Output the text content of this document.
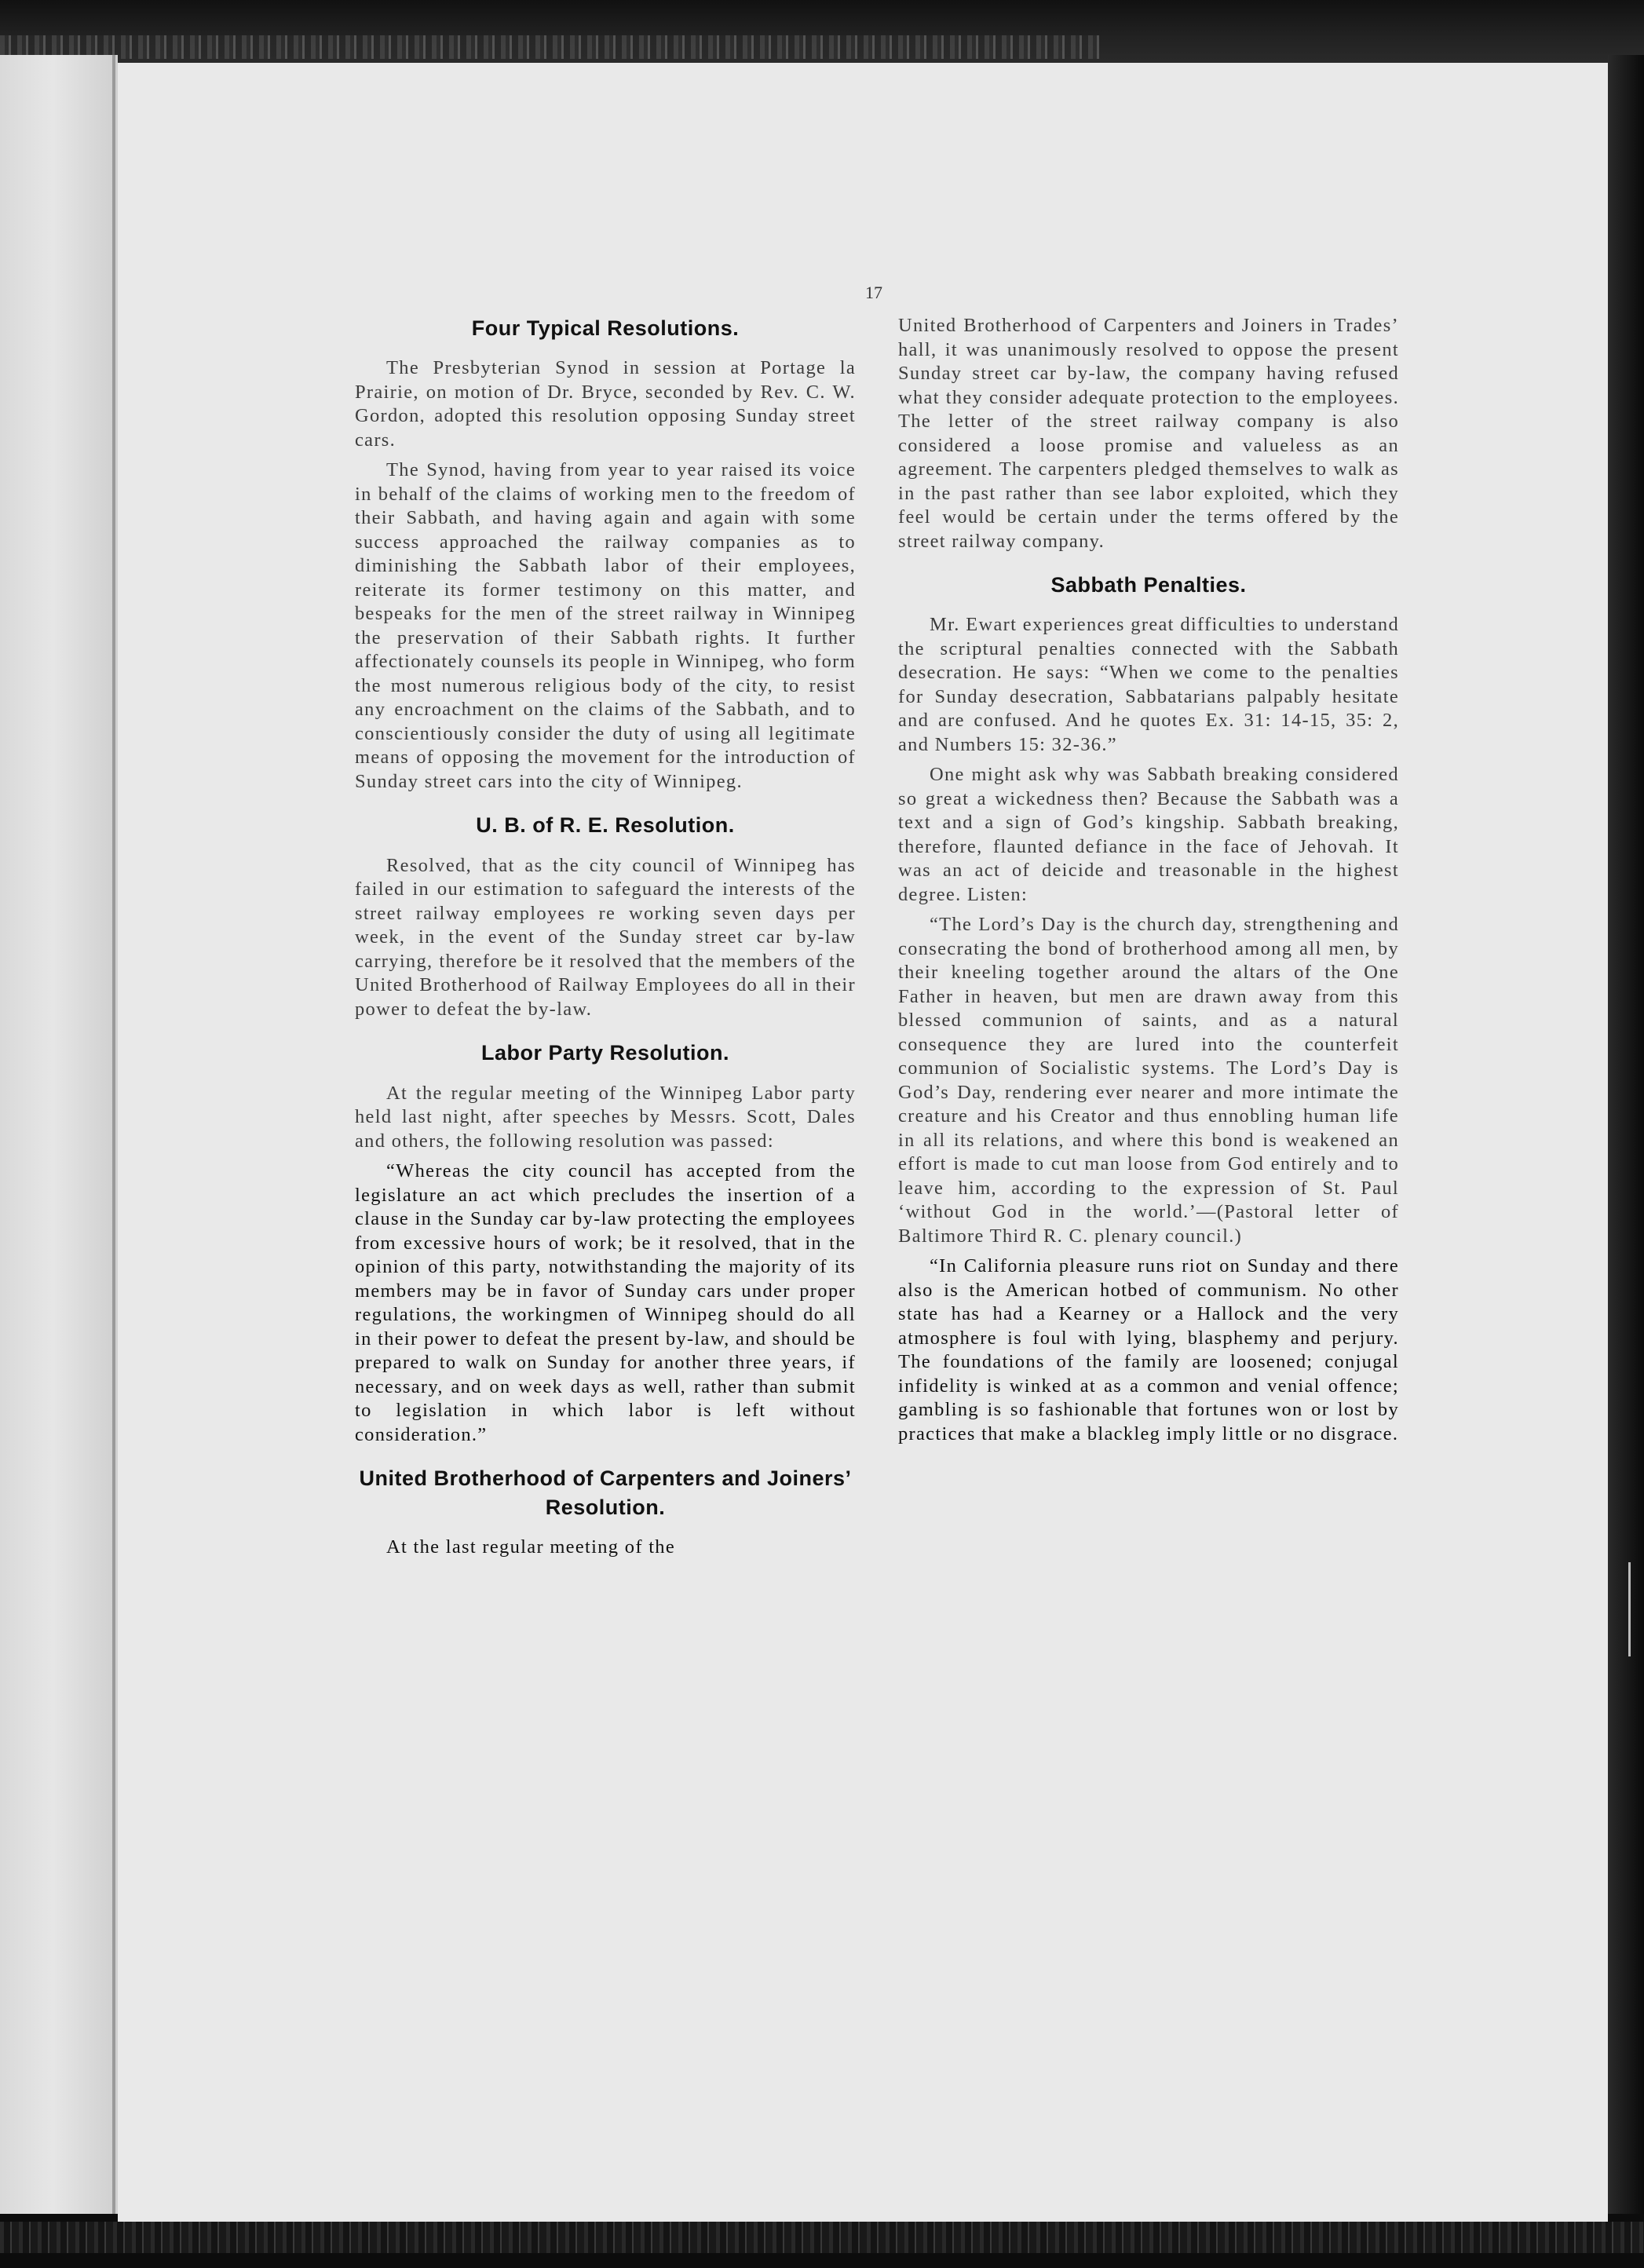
17
Four Typical Resolutions.

The Presbyterian Synod in session at Portage la Prairie, on motion of Dr. Bryce, seconded by Rev. C. W. Gordon, adopted this resolution opposing Sunday street cars.

The Synod, having from year to year raised its voice in behalf of the claims of working men to the freedom of their Sabbath, and having again and again with some success approached the railway companies as to diminishing the Sabbath labor of their employees, reiterate its former testimony on this matter, and bespeaks for the men of the street railway in Winnipeg the preservation of their Sabbath rights. It further affectionately counsels its people in Winnipeg, who form the most numerous religious body of the city, to resist any encroachment on the claims of the Sabbath, and to conscientiously consider the duty of using all legitimate means of opposing the movement for the introduction of Sunday street cars into the city of Winnipeg.

U. B. of R. E. Resolution.

Resolved, that as the city council of Winnipeg has failed in our estimation to safeguard the interests of the street railway employees re working seven days per week, in the event of the Sunday street car by-law carrying, therefore be it resolved that the members of the United Brotherhood of Railway Employees do all in their power to defeat the by-law.

Labor Party Resolution.

At the regular meeting of the Winnipeg Labor party held last night, after speeches by Messrs. Scott, Dales and others, the following resolution was passed:

“Whereas the city council has accepted from the legislature an act which precludes the insertion of a clause in the Sunday car by-law protecting the employees from excessive hours of work; be it resolved, that in the opinion of this party, notwithstanding the majority of its members may be in favor of Sunday cars under proper regulations, the workingmen of Winnipeg should do all in their power to defeat the present by-law, and should be prepared to walk on Sunday for another three years, if necessary, and on week days as well, rather than submit to legislation in which labor is left without consideration.”

United Brotherhood of Carpenters and Joiners’ Resolution.

At the last regular meeting of the

United Brotherhood of Carpenters and Joiners in Trades’ hall, it was unanimously resolved to oppose the present Sunday street car by-law, the company having refused what they consider adequate protection to the employees. The letter of the street railway company is also considered a loose promise and valueless as an agreement. The carpenters pledged themselves to walk as in the past rather than see labor exploited, which they feel would be certain under the terms offered by the street railway company.

Sabbath Penalties.

Mr. Ewart experiences great difficulties to understand the scriptural penalties connected with the Sabbath desecration. He says: “When we come to the penalties for Sunday desecration, Sabbatarians palpably hesitate and are confused. And he quotes Ex. 31: 14-15, 35: 2, and Numbers 15: 32-36.”

One might ask why was Sabbath breaking considered so great a wickedness then? Because the Sabbath was a text and a sign of God’s kingship. Sabbath breaking, therefore, flaunted defiance in the face of Jehovah. It was an act of deicide and treasonable in the highest degree. Listen:

“The Lord’s Day is the church day, strengthening and consecrating the bond of brotherhood among all men, by their kneeling together around the altars of the One Father in heaven, but men are drawn away from this blessed communion of saints, and as a natural consequence they are lured into the counterfeit communion of Socialistic systems. The Lord’s Day is God’s Day, rendering ever nearer and more intimate the creature and his Creator and thus ennobling human life in all its relations, and where this bond is weakened an effort is made to cut man loose from God entirely and to leave him, according to the expression of St. Paul ‘without God in the world.’—(Pastoral letter of Baltimore Third R. C. plenary council.)

“In California pleasure runs riot on Sunday and there also is the American hotbed of communism. No other state has had a Kearney or a Hallock and the very atmosphere is foul with lying, blasphemy and perjury. The foundations of the family are loosened; conjugal infidelity is winked at as a common and venial offence; gambling is so fashionable that fortunes won or lost by practices that make a blackleg imply little or no disgrace.
